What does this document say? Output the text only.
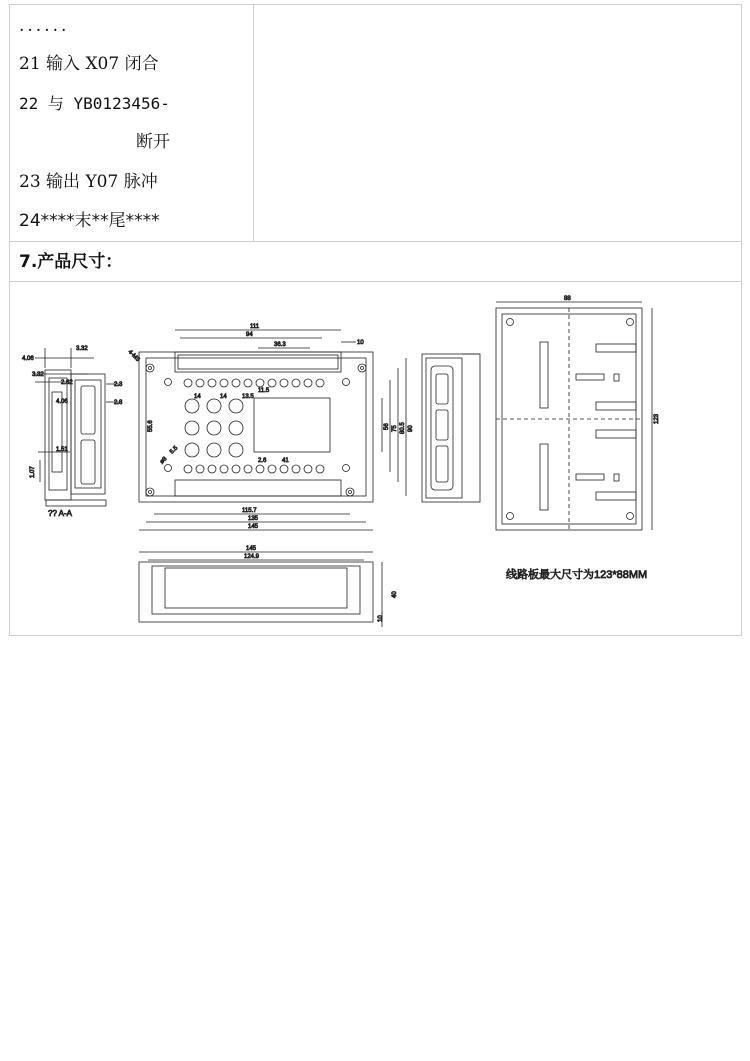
......
21 输入 X07 闭合
22 与 YB0123456-
断开
23 输出 Y07 脉冲
24****末**尾****
7.产品尺寸：
3.32
4.06
3.32
2.62	2.3
2.8
4.06
1.51
1.07
?? A-A
111
94
36.3	10
14	14	13.5
11.5
55.6
4-M3
ø8
5.5
2.6	41
56 75 80.5 90
115.7
135
145
145
124.9
40
10
88
123
线路板最大尺寸为123*88MM
